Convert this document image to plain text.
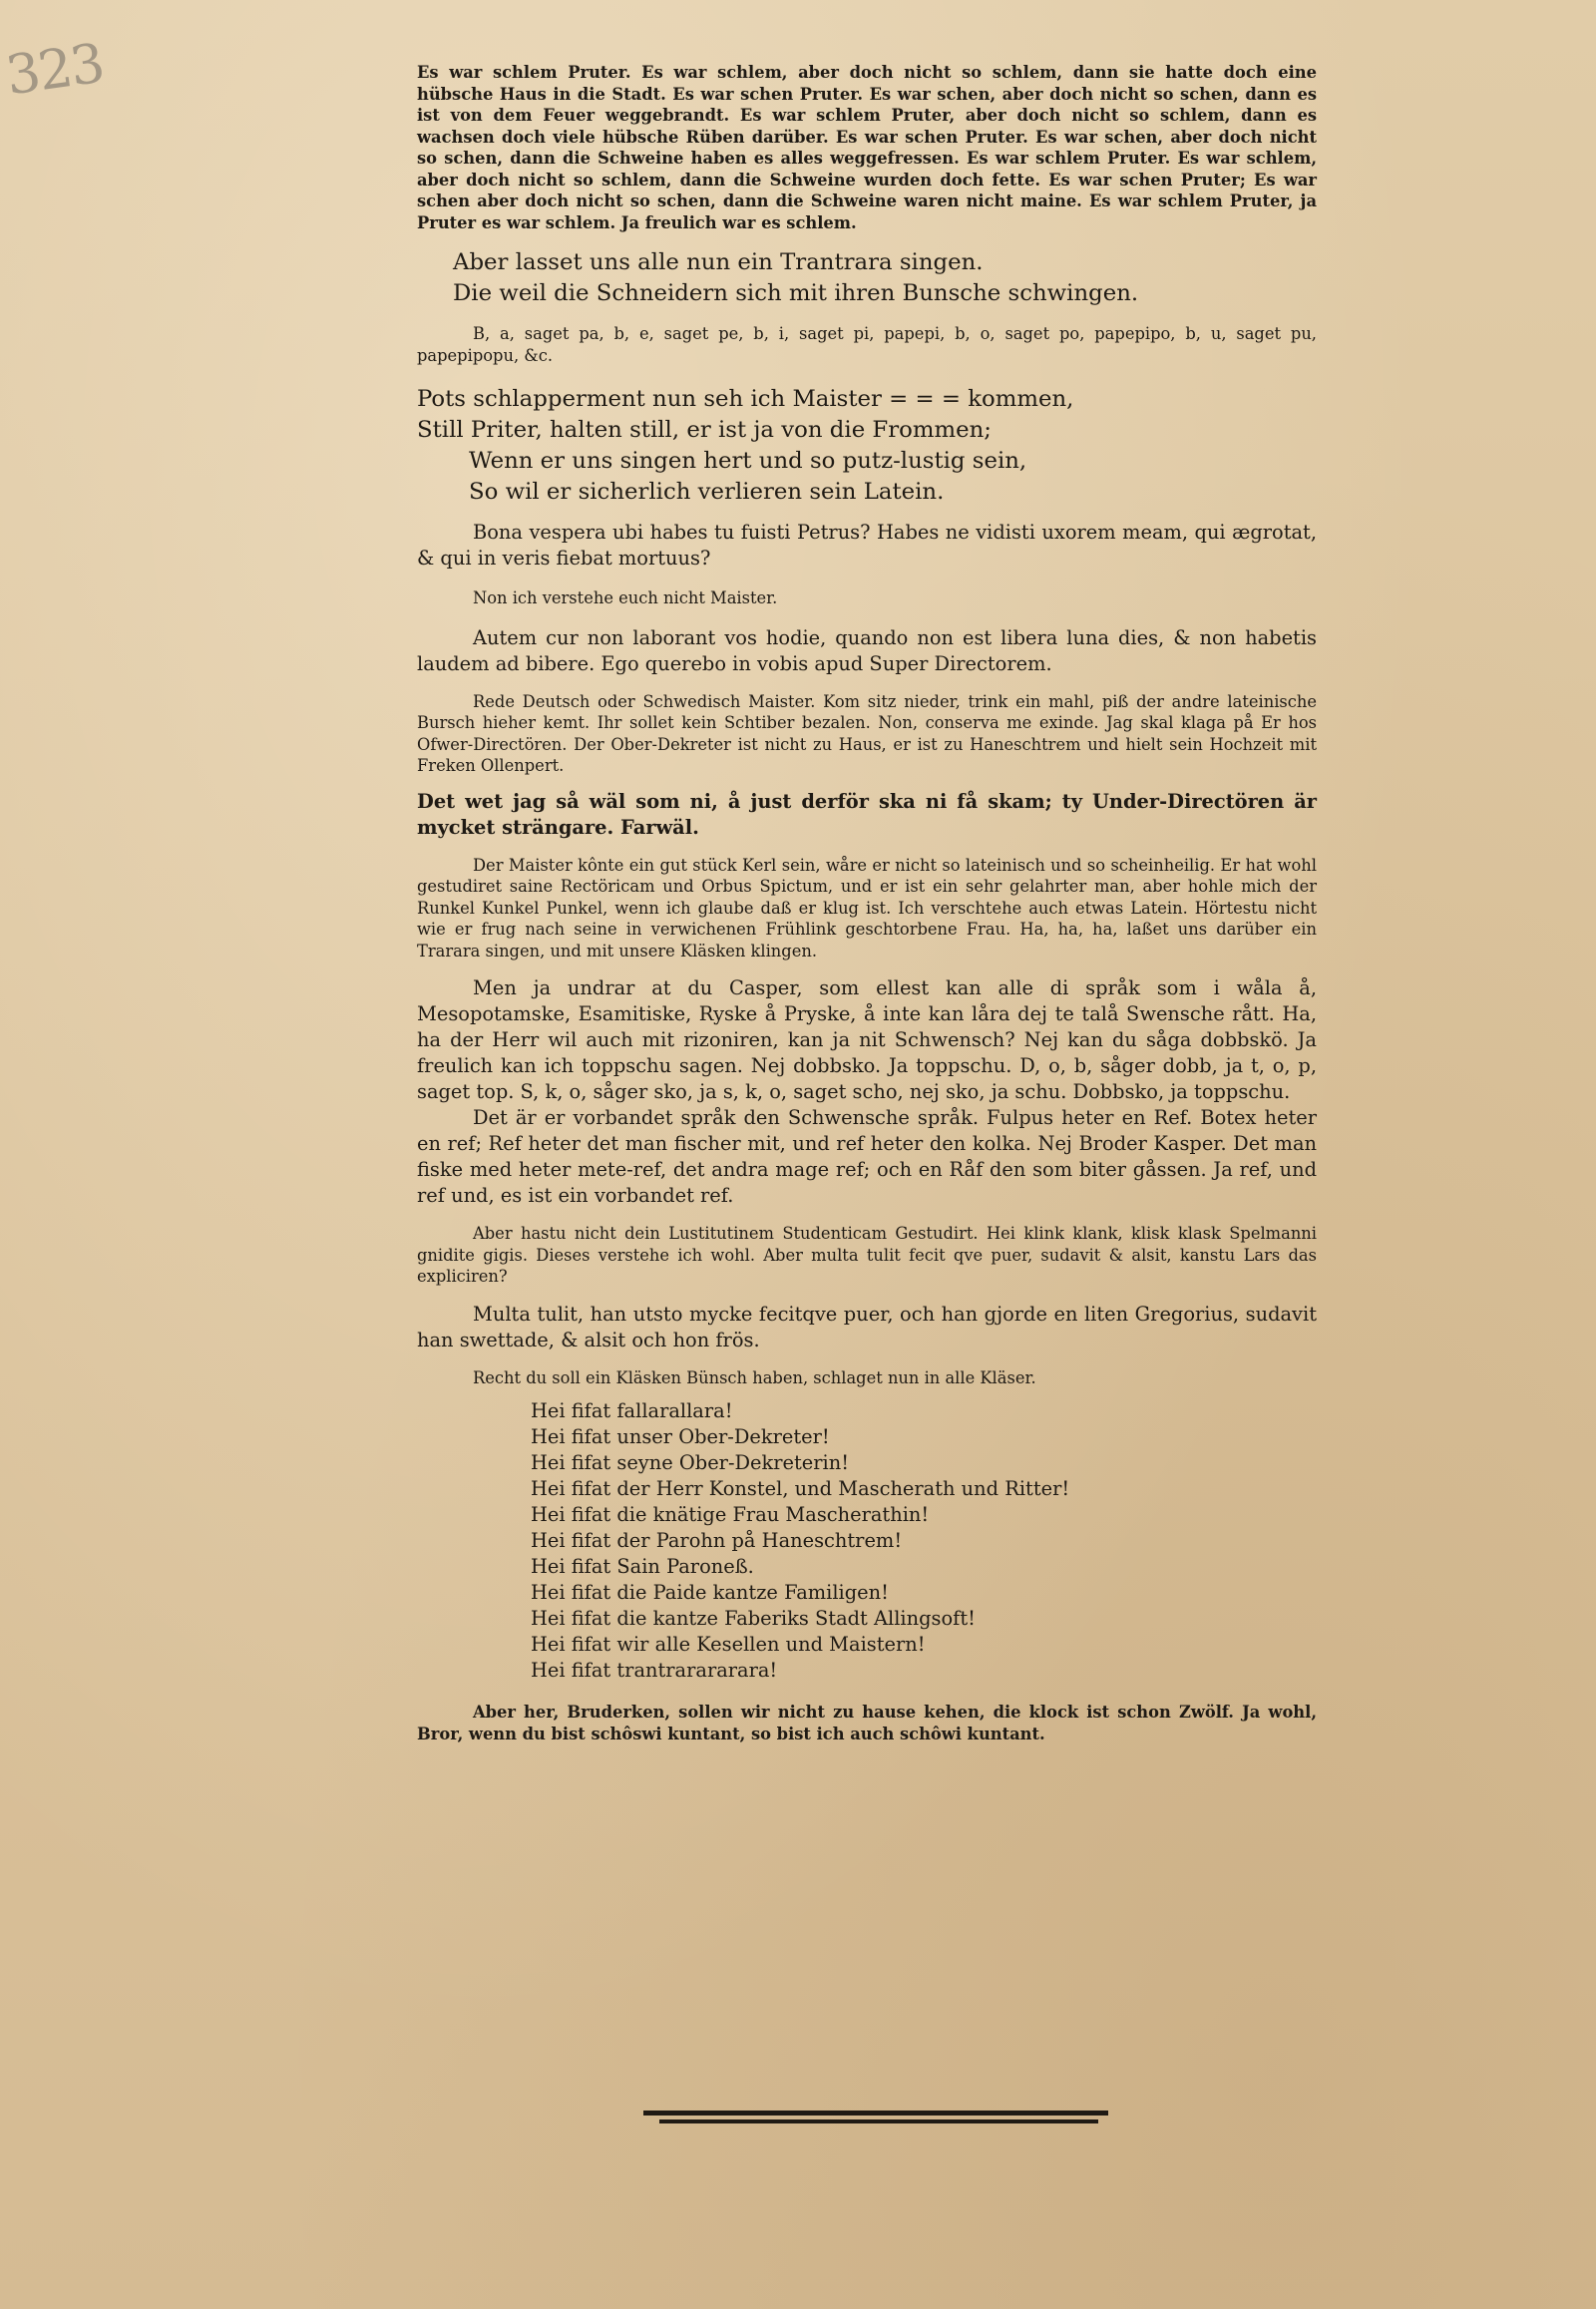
323	Es war schlem Pruter. Es war schlem, aber doch nicht so schlem, dann sie hatte doch eine hübsche Haus in die Stadt. Es war schen Pruter. Es war schen, aber doch nicht so schen, dann es ist von dem Feuer weggebrandt. Es war schlem Pruter, aber doch nicht so schlem, dann es wachsen doch viele hübsche Rüben darüber. Es war schen Pruter. Es war schen, aber doch nicht so schen, dann die Schweine haben es alles weggefressen. Es war schlem Pruter. Es war schlem, aber doch nicht so schlem, dann die Schweine wurden doch fette. Es war schen Pruter; Es war schen aber doch nicht so schen, dann die Schweine waren nicht maine. Es war schlem Pruter, ja Pruter es war schlem. Ja freulich war es schlem.

Aber lasset uns alle nun ein Trantrara singen.
Die weil die Schneidern sich mit ihren Bunsche schwingen.

B, a, saget pa, b, e, saget pe, b, i, saget pi, papepi, b, o, saget po, papepipo, b, u, saget pu, papepipopu, &c.

Pots schlapperment nun seh ich Maister = = = kommen,
Still Priter, halten still, er ist ja von die Frommen;
Wenn er uns singen hert und so putz-lustig sein,
So wil er sicherlich verlieren sein Latein.

Bona vespera ubi habes tu fuisti Petrus? Habes ne vidisti uxorem meam, qui ægrotat, & qui in veris fiebat mortuus?

Non ich verstehe euch nicht Maister.

Autem cur non laborant vos hodie, quando non est libera luna dies, & non habetis laudem ad bibere. Ego querebo in vobis apud Super Directorem.

Rede Deutsch oder Schwedisch Maister. Kom sitz nieder, trink ein mahl, piß der andre lateinische Bursch hieher kemt. Ihr sollet kein Schtiber bezalen. Non, conserva me exinde. Jag skal klaga på Er hos Ofwer-Directören. Der Ober-Dekreter ist nicht zu Haus, er ist zu Haneschtrem und hielt sein Hochzeit mit Freken Ollenpert.

Det wet jag så wäl som ni, å just derför ska ni få skam; ty Under-Directören är mycket strängare. Farwäl.

Der Maister kônte ein gut stück Kerl sein, wåre er nicht so lateinisch und so scheinheilig. Er hat wohl gestudiret saine Rectöricam und Orbus Spictum, und er ist ein sehr gelahrter man, aber hohle mich der Runkel Kunkel Punkel, wenn ich glaube daß er klug ist. Ich verschtehe auch etwas Latein. Hörtestu nicht wie er frug nach seine in verwichenen Frühlink geschtorbene Frau. Ha, ha, ha, laßet uns darüber ein Trarara singen, und mit unsere Kläsken klingen.

Men ja undrar at du Casper, som ellest kan alle di språk som i wåla å, Mesopotamske, Esamitiske, Ryske å Pryske, å inte kan låra dej te talå Swensche rått. Ha, ha der Herr wil auch mit rizoniren, kan ja nit Schwensch? Nej kan du såga dobbskö. Ja freulich kan ich toppschu sagen. Nej dobbsko. Ja toppschu. D, o, b, såger dobb, ja t, o, p, saget top. S, k, o, såger sko, ja s, k, o, saget scho, nej sko, ja schu. Dobbsko, ja toppschu.

Det är er vorbandet språk den Schwensche språk. Fulpus heter en Ref. Botex heter en ref; Ref heter det man fischer mit, und ref heter den kolka. Nej Broder Kasper. Det man fiske med heter mete-ref, det andra mage ref; och en Råf den som biter gåssen. Ja ref, und ref und, es ist ein vorbandet ref.

Aber hastu nicht dein Lustitutinem Studenticam Gestudirt. Hei klink klank, klisk klask Spelmanni gnidite gigis. Dieses verstehe ich wohl. Aber multa tulit fecit qve puer, sudavit & alsit, kanstu Lars das expliciren?

Multa tulit, han utsto mycke fecitqve puer, och han gjorde en liten Gregorius, sudavit han swettade, & alsit och hon frös.

Recht du soll ein Kläsken Bünsch haben, schlaget nun in alle Kläser.

Hei fifat fallarallara!
Hei fifat unser Ober-Dekreter!
Hei fifat seyne Ober-Dekreterin!
Hei fifat der Herr Konstel, und Mascherath und Ritter!
Hei fifat die knätige Frau Mascherathin!
Hei fifat der Parohn på Haneschtrem!
Hei fifat Sain Paroneß.
Hei fifat die Paide kantze Familigen!
Hei fifat die kantze Faberiks Stadt Allingsoft!
Hei fifat wir alle Kesellen und Maistern!
Hei fifat trantrarararara!

Aber her, Bruderken, sollen wir nicht zu hause kehen, die klock ist schon Zwölf. Ja wohl, Bror, wenn du bist schôswi kuntant, so bist ich auch schôwi kuntant.
